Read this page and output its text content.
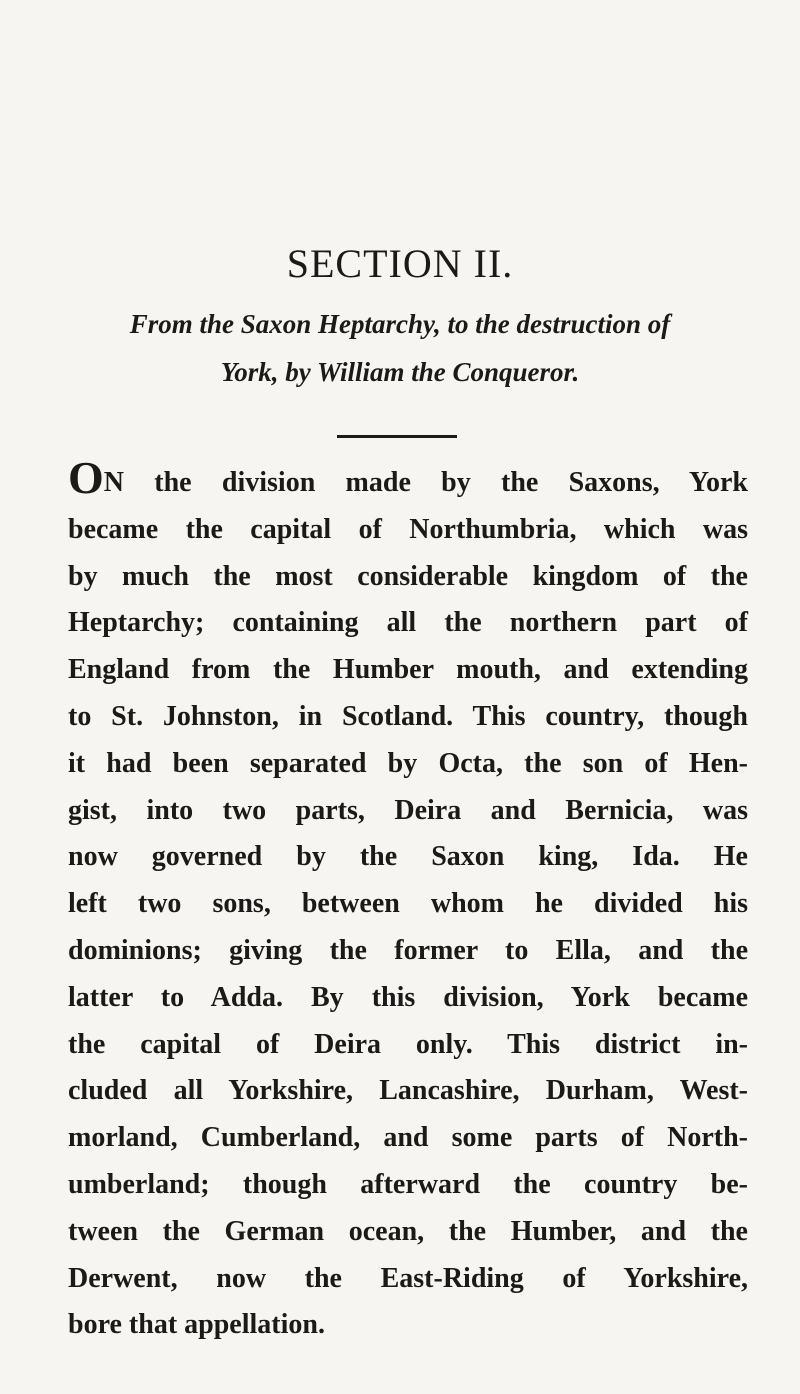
SECTION II.

From the Saxon Heptarchy, to the destruction of
York, by William the Conqueror.

ON the division made by the Saxons, York
became the capital of Northumbria, which was
by much the most considerable kingdom of the
Heptarchy; containing all the northern part of
England from the Humber mouth, and extending
to St. Johnston, in Scotland. This country, though
it had been separated by Octa, the son of Hen-
gist, into two parts, Deira and Bernicia, was
now governed by the Saxon king, Ida. He
left two sons, between whom he divided his
dominions; giving the former to Ella, and the
latter to Adda. By this division, York became
the capital of Deira only. This district in-
cluded all Yorkshire, Lancashire, Durham, West-
morland, Cumberland, and some parts of North-
umberland; though afterward the country be-
tween the German ocean, the Humber, and the
Derwent, now the East-Riding of Yorkshire,
bore that appellation.
